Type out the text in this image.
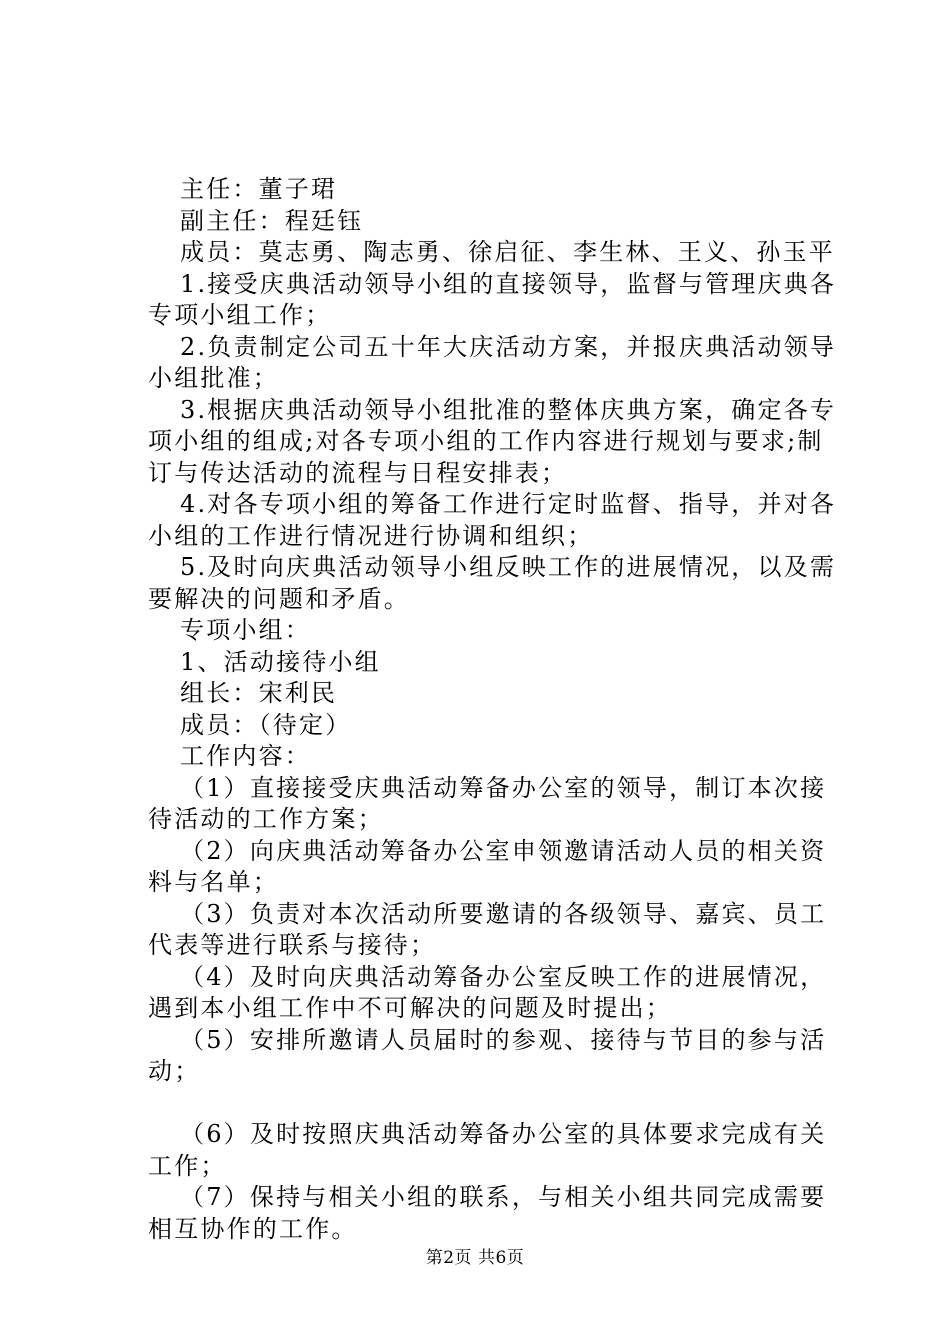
主任：董子珺

副主任：程廷钰

成员：莫志勇、陶志勇、徐启征、李生林、王义、孙玉平

1.接受庆典活动领导小组的直接领导，监督与管理庆典各专项小组工作；

2.负责制定公司五十年大庆活动方案，并报庆典活动领导小组批准；

3.根据庆典活动领导小组批准的整体庆典方案，确定各专项小组的组成;对各专项小组的工作内容进行规划与要求;制订与传达活动的流程与日程安排表；

4.对各专项小组的筹备工作进行定时监督、指导，并对各小组的工作进行情况进行协调和组织；

5.及时向庆典活动领导小组反映工作的进展情况，以及需要解决的问题和矛盾。

专项小组：

1、活动接待小组

组长：宋利民

成员：（待定）

工作内容：

（1）直接接受庆典活动筹备办公室的领导，制订本次接待活动的工作方案；

（2）向庆典活动筹备办公室申领邀请活动人员的相关资料与名单；

（3）负责对本次活动所要邀请的各级领导、嘉宾、员工代表等进行联系与接待；

（4）及时向庆典活动筹备办公室反映工作的进展情况，遇到本小组工作中不可解决的问题及时提出；

（5）安排所邀请人员届时的参观、接待与节目的参与活动；

（6）及时按照庆典活动筹备办公室的具体要求完成有关工作；

（7）保持与相关小组的联系，与相关小组共同完成需要相互协作的工作。

第2页 共6页
